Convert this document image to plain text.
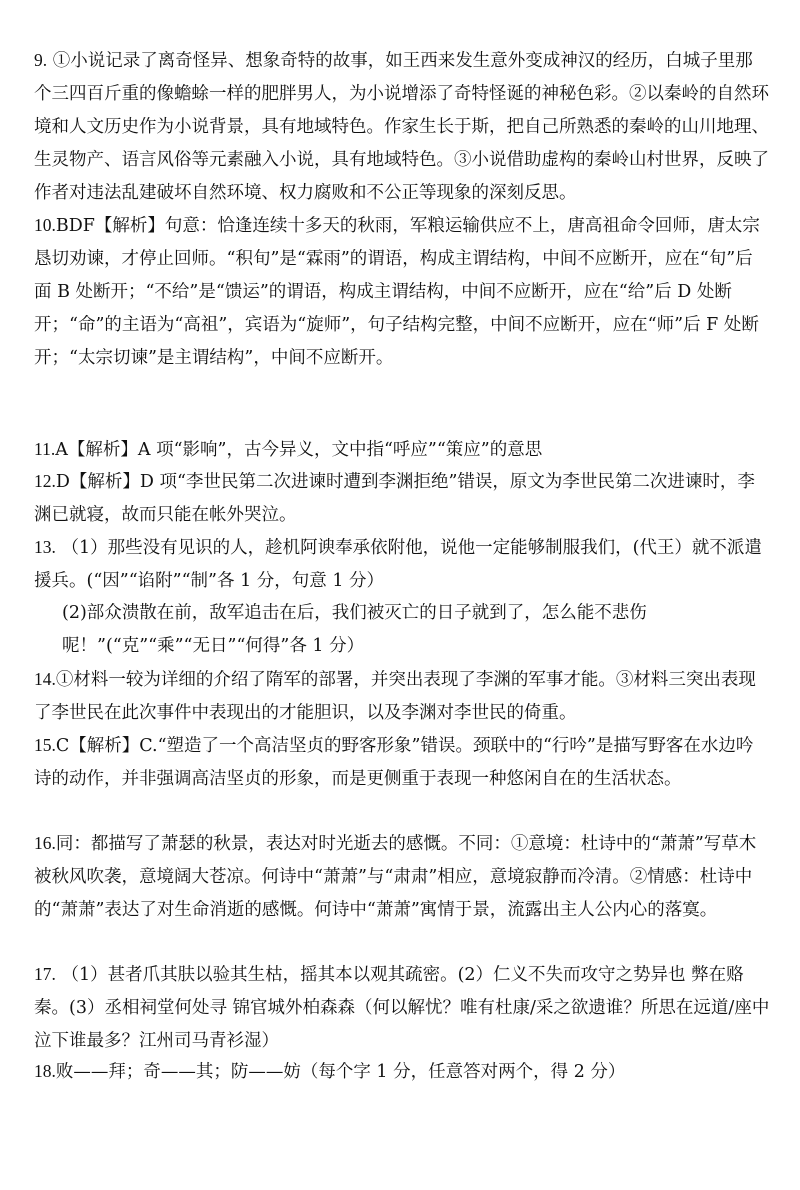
9. ①小说记录了离奇怪异、想象奇特的故事，如王西来发生意外变成神汉的经历，白城子里那个三四百斤重的像蟾蜍一样的肥胖男人，为小说增添了奇特怪诞的神秘色彩。②以秦岭的自然环境和人文历史作为小说背景，具有地域特色。作家生长于斯，把自己所熟悉的秦岭的山川地理、生灵物产、语言风俗等元素融入小说，具有地域特色。③小说借助虚构的秦岭山村世界，反映了作者对违法乱建破坏自然环境、权力腐败和不公正等现象的深刻反思。

10.BDF【解析】句意：恰逢连续十多天的秋雨，军粮运输供应不上，唐高祖命令回师，唐太宗恳切劝谏，才停止回师。“积旬”是“霖雨”的谓语，构成主谓结构，中间不应断开，应在“旬”后面 B 处断开；“不给”是“馈运”的谓语，构成主谓结构，中间不应断开，应在“给”后 D 处断开；“命”的主语为“高祖”，宾语为“旋师”，句子结构完整，中间不应断开，应在“师”后 F 处断开；“太宗切谏”是主谓结构”，中间不应断开。

11.A【解析】A 项“影响”，古今异义，文中指“呼应”“策应”的意思

12.D【解析】D 项“李世民第二次进谏时遭到李渊拒绝”错误，原文为李世民第二次进谏时，李渊已就寝，故而只能在帐外哭泣。

13. （1）那些没有见识的人，趁机阿谀奉承依附他，说他一定能够制服我们，(代王）就不派遣援兵。(“因”“谄附”“制”各 1 分，句意 1 分）

(2)部众溃散在前，敌军追击在后，我们被灭亡的日子就到了，怎么能不悲伤呢！”(“克”“乘”“无日”“何得”各 1 分）

14.①材料一较为详细的介绍了隋军的部署，并突出表现了李渊的军事才能。③材料三突出表现了李世民在此次事件中表现出的才能胆识，以及李渊对李世民的倚重。

15.C【解析】C.“塑造了一个高洁坚贞的野客形象”错误。颈联中的“行吟”是描写野客在水边吟诗的动作，并非强调高洁坚贞的形象，而是更侧重于表现一种悠闲自在的生活状态。

16.同：都描写了萧瑟的秋景，表达对时光逝去的感慨。不同：①意境：杜诗中的“萧萧”写草木被秋风吹袭，意境阔大苍凉。何诗中“萧萧”与“肃肃”相应，意境寂静而冷清。②情感：杜诗中的“萧萧”表达了对生命消逝的感慨。何诗中“萧萧”寓情于景，流露出主人公内心的落寞。

17. （1）甚者爪其肤以验其生枯，摇其本以观其疏密。(2）仁义不失而攻守之势异也 弊在赂秦。(3）丞相祠堂何处寻 锦官城外柏森森（何以解忧？唯有杜康/采之欲遗谁？所思在远道/座中泣下谁最多？江州司马青衫湿）

18.败——拜；奇——其；防——妨（每个字 1 分，任意答对两个，得 2 分）
